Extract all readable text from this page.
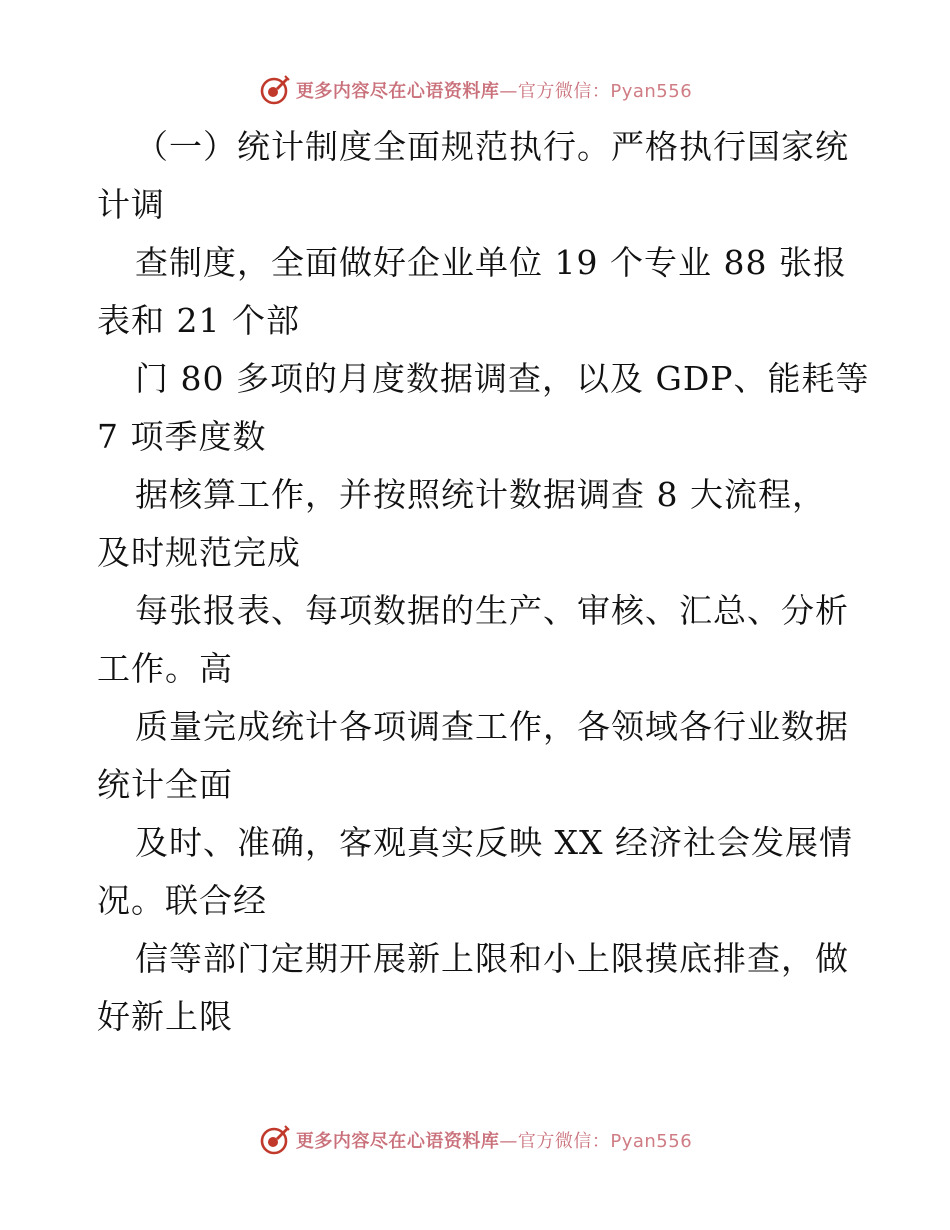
更多内容尽在心语资料库—官方微信：Pyan556
（一）统计制度全面规范执行。严格执行国家统
计调
查制度，全面做好企业单位 19 个专业 88 张报
表和 21 个部
门 80 多项的月度数据调查，以及 GDP、能耗等
7 项季度数
据核算工作，并按照统计数据调查 8 大流程，
及时规范完成
每张报表、每项数据的生产、审核、汇总、分析
工作。高
质量完成统计各项调查工作，各领域各行业数据
统计全面
及时、准确，客观真实反映 XX 经济社会发展情
况。联合经
信等部门定期开展新上限和小上限摸底排查，做
好新上限
更多内容尽在心语资料库—官方微信：Pyan556
